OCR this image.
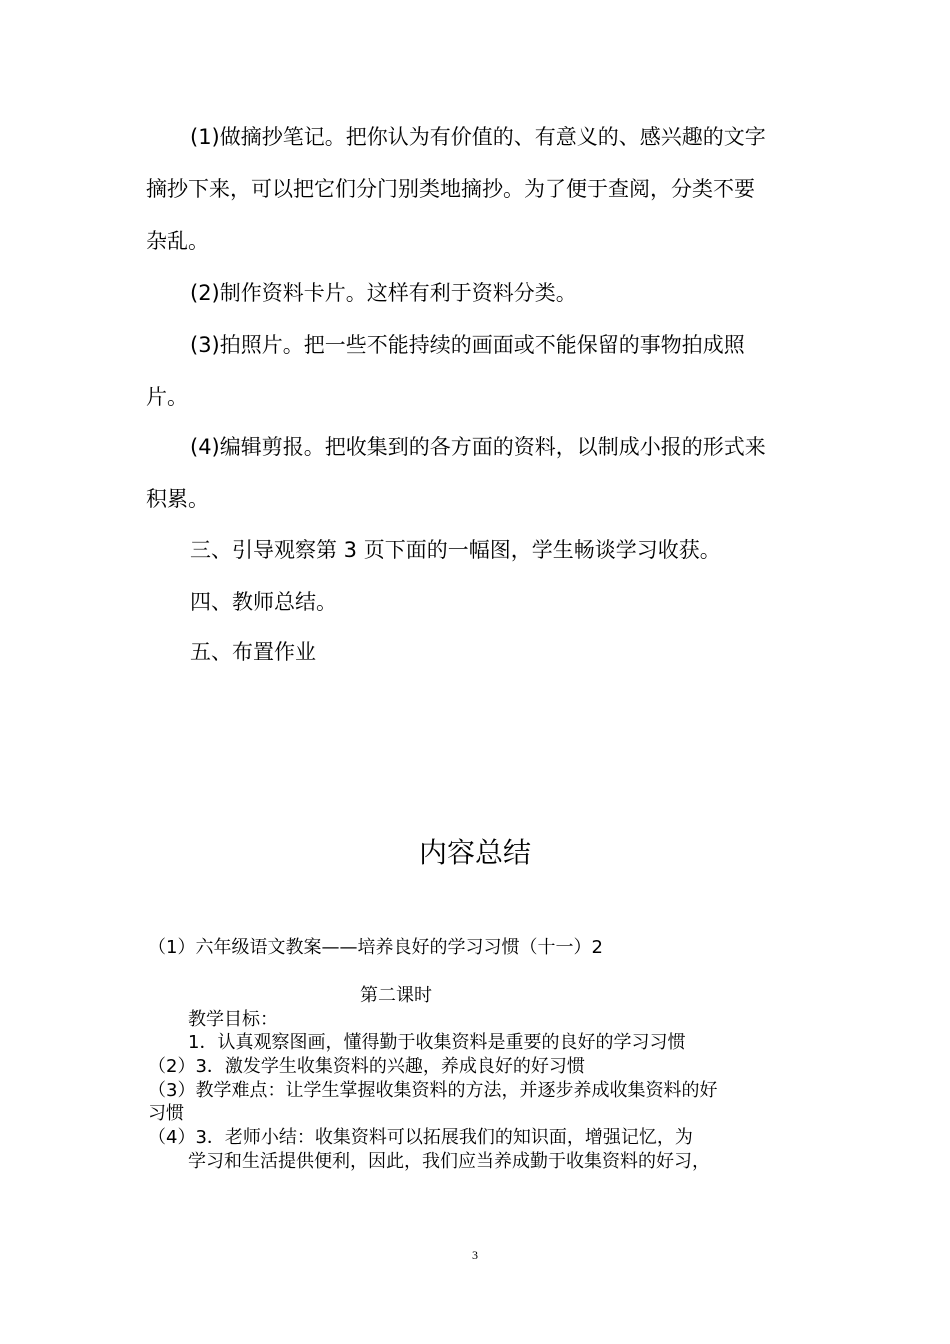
(1)做摘抄笔记。把你认为有价值的、有意义的、感兴趣的文字
摘抄下来，可以把它们分门别类地摘抄。为了便于查阅，分类不要
杂乱。
(2)制作资料卡片。这样有利于资料分类。
(3)拍照片。把一些不能持续的画面或不能保留的事物拍成照
片。
(4)编辑剪报。把收集到的各方面的资料，以制成小报的形式来
积累。
三、引导观察第 3 页下面的一幅图，学生畅谈学习收获。
四、教师总结。
五、布置作业
内容总结
（1）六年级语文教案——培养良好的学习习惯（十一）2
第二课时
教学目标：
1．认真观察图画，懂得勤于收集资料是重要的良好的学习习惯
（2）3．激发学生收集资料的兴趣，养成良好的好习惯
（3）教学难点：让学生掌握收集资料的方法，并逐步养成收集资料的好
习惯
（4）3．老师小结：收集资料可以拓展我们的知识面，增强记忆，为
学习和生活提供便利，因此，我们应当养成勤于收集资料的好习，
3
